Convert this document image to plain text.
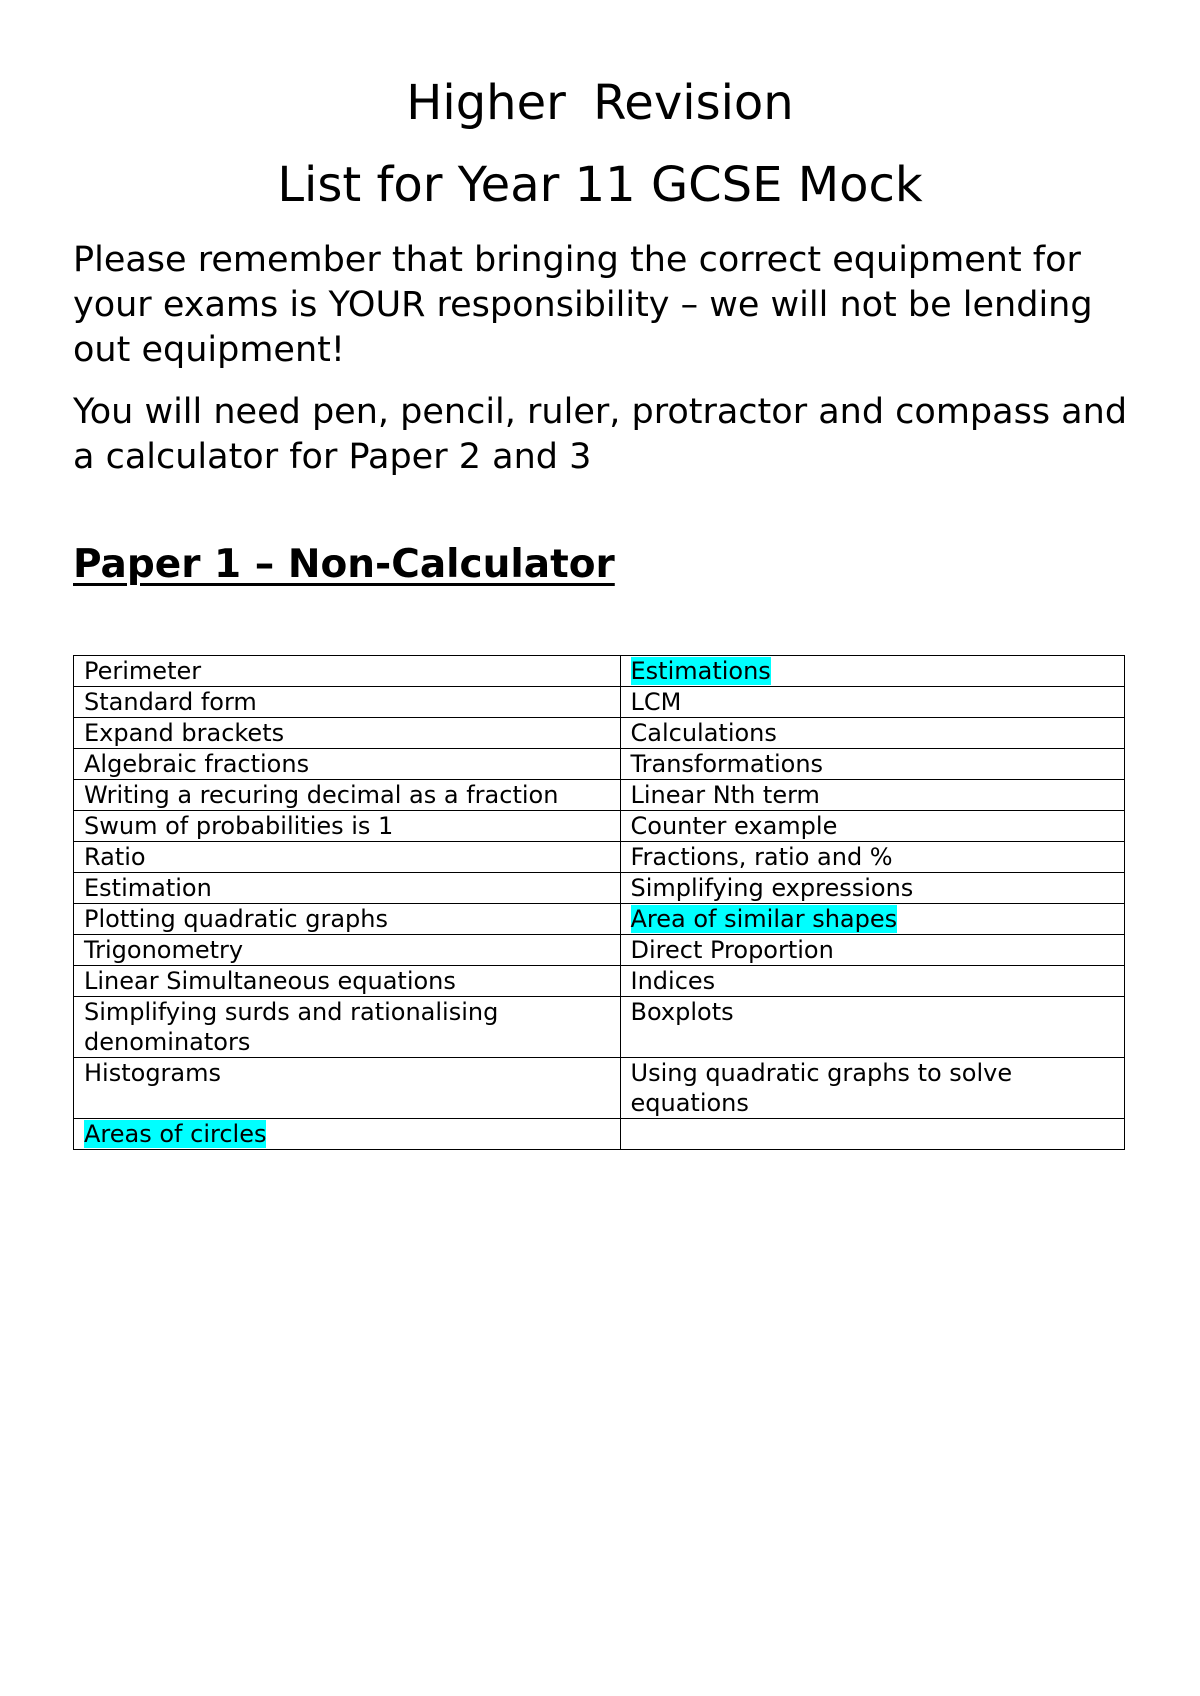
Higher Revision
List for Year 11 GCSE Mock

Please remember that bringing the correct equipment for your exams is YOUR responsibility – we will not be lending out equipment!

You will need pen, pencil, ruler, protractor and compass and a calculator for Paper 2 and 3

Paper 1 – Non-Calculator
Perimeter	Estimations
Standard form	LCM
Expand brackets	Calculations
Algebraic fractions	Transformations
Writing a recuring decimal as a fraction	Linear Nth term
Swum of probabilities is 1	Counter example
Ratio	Fractions, ratio and %
Estimation	Simplifying expressions
Plotting quadratic graphs	Area of similar shapes
Trigonometry	Direct Proportion
Linear Simultaneous equations	Indices
Simplifying surds and rationalising denominators	Boxplots
Histograms	Using quadratic graphs to solve equations
Areas of circles	
